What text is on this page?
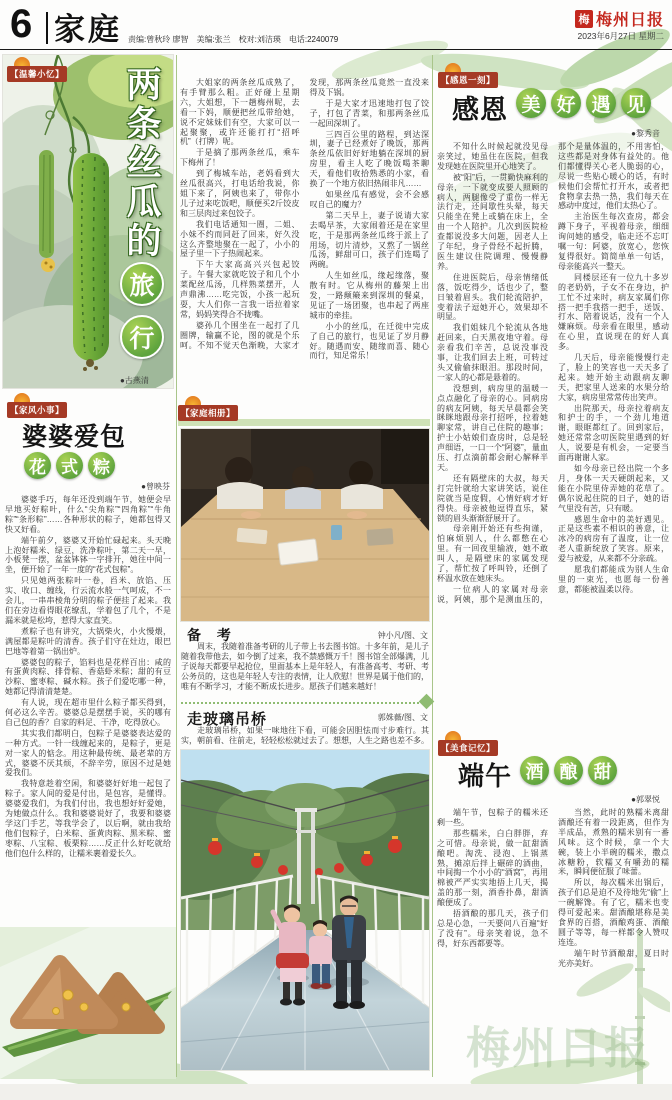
6 家庭 责编:曾秋玲 廖智　美编:张兰　校对:刘洁瑛　电话:2240079
梅 梅州日报
2023年6月27日 星期二
【温馨小忆】 两条丝瓜的
旅
行
●古燕清

大姐家的两条丝瓜成熟了，有手臂那么粗。正好碰上星期六，大姐想，下一趟梅州呢，去看一下妈，顺便把丝瓜带给她，说不定妹妹们有空，大家可以一起聚聚，或许还能打打“招呼机”（打牌）呢。

于是摘了那两条丝瓜，乘车下梅州了！

到了梅城车站，老妈看到大丝瓜很高兴，打电话给我说，你姐下来了，阿姨也来了，带你小儿子过来吃饭吧，顺便买2斤饺皮和三层肉过来包饺子。

我们电话通知一圈，二姐、小妹不约而同赶了回来，好久没这么齐整地聚在一起了，小小的屋子里一下子热闹起来。

下午大家高高兴兴包起饺子。午餐大家就吃饺子和几个小菜配丝瓜汤，几样熟菜摆开，人声鼎沸……吃完饭，小孩一起玩耍，大人们你一言我一语拉着家常，妈妈笑得合不拢嘴。

婆孙几个围坐在一起打了几圈牌，输赢不论，图的就是个乐呵。不知不觉天色渐晚，大家才发现，那两条丝瓜竟然一直没来得及下锅。

于是大家才迅速地打包了饺子，打包了青菜，和那两条丝瓜一起回深圳了。

三四百公里的路程，到达深圳，妻子已经煮好了晚饭，那两条丝瓜依旧好好地躺在深圳的厨房里，看主人吃了晚饭喝茶聊天，看他们收拾熟悉的小家，看换了一个地方依旧热闹非凡……

如果丝瓜有感觉，会不会感叹自己的魔力？

第二天早上，妻子说请大家去喝早茶，大家闹着还是在家里吃，于是那两条丝瓜终于派上了用场，切片清炒，又熬了一锅丝瓜汤，鲜甜可口，孩子们连喝了两碗。

人生如丝瓜，缘起缘落，聚散有时。它从梅州的藤架上出发，一路颠簸来到深圳的餐桌，见证了一场团聚，也串起了两座城市的牵挂。

小小的丝瓜，在迁徙中完成了自己的旅行，也见证了岁月静好。随遇而安、随缘而喜、随心而行，知足常乐！

【家风小事】
婆婆爱包
花 式 粽
●曾映芬

婆婆手巧，每年还没到端午节，她便会早早地买好粽叶，什么“尖角粽”“四角粽”“牛角粽”“条形粽”……各种形状的粽子，她都包得又快又好看。

端午前夕，婆婆又开始忙碌起来。头天晚上泡好糯米、绿豆，洗净粽叶，第二天一早，小板凳一摆，盆盆钵钵一字排开，她往中间一坐，便开始了一年一度的“花式包粽”。

只见她两张粽叶一卷，舀米、放馅、压实、收口、缠线，行云流水般一气呵成，不一会儿，一串串棱角分明的粽子便挂了起来。我们在旁边看得眼花缭乱，学着包了几个，不是漏米就是松垮，惹得大家直笑。

煮粽子也有讲究，大锅柴火，小火慢煨，满屋都是粽叶的清香。孩子们守在灶边，眼巴巴地等着第一锅出炉。

婆婆包的粽子，馅料也是花样百出：咸的有蛋黄肉粽、排骨粽、香菇虾米粽；甜的有豆沙粽、蜜枣粽、碱水粽。孩子们爱吃哪一种，她都记得清清楚楚。

有人说，现在超市里什么粽子都买得到，何必这么辛苦。婆婆总是摆摆手说，买的哪有自己包的香？自家的料足、干净，吃得放心。

其实我们都明白，包粽子是婆婆表达爱的一种方式。一针一线缠起来的，是粽子，更是对一家人的惦念。用这种最传统、最老辈的方式，婆婆不厌其烦，不辞辛劳，原因不过是她爱我们。

我特意趁着空闲，和婆婆好好地一起包了粽子。家人间的爱是付出，是包容，是懂得。婆婆爱我们，为我们付出，我也想好好爱她，为她做点什么。我和婆婆说好了，我要和婆婆学这门手艺，等我学会了，以后啊，就由我给他们包粽子，白米粽、蛋黄肉粽、黑米粽、蜜枣粽、八宝粽、板栗粽……反正什么好吃就给他们包什么样的，让糯米裹着爱长久。

【家庭相册】
备 考	钟小凡/图、文

周末，我随着准备考研的儿子带上书去图书馆。十多年前，是儿子随着我带他去，如今倒了过来，我不禁感慨万千！图书馆全部爆满，儿子说每天都要早起抢位，里面基本上是年轻人，有准备高考、考研、考公务员的，这也是年轻人专注的表情，让人欣慰！世界是属于他们的，唯有不断学习，才能不断成长进步。愿孩子们越来越好！

走玻璃吊桥	郭姝薇/图、文

走玻璃吊桥，如果一味地往下看，可能会因胆怯而寸步难行。其实，朝前看、往前走，轻轻松松就过去了。想想，人生之路也差不多。

【感恩一刻】
感恩 美 好 遇 见
●黎秀音

不知什么时候起就没见母亲笑过，她虽住在医院，但我发现她在医院里开心地笑了。

被“阳”后，一贯勤快麻利的母亲，一下就变成要人照顾的病人，两腿像受了重伤一样无法行走，还间歇性头晕，每天只能坐在凳上或躺在床上，全由一个人陪护。几次到医院检查都说没多大问题，因老人上了年纪，身子骨经不起折腾，医生建议住院调理、慢慢静养。

住进医院后，母亲情绪低落，饭吃得少，话也少了，整日皱着眉头。我们轮流陪护，变着法子逗她开心，效果却不明显。

我们姐妹几个轮流从各地赶回来，白天黑夜地守着。母亲看我们辛苦，总说没事没事，让我们回去上班，可转过头又偷偷抹眼泪。那段时间，一家人的心都是悬着的。

没想到，病房里的温暖一点点融化了母亲的心。同病房的病友阿姨，每天早晨都会笑眯眯地跟母亲打招呼，拉着她聊家常，讲自己住院的趣事；护士小姑娘们查房时，总是轻声细语，一口一个“阿婆”，量血压、打点滴前都会耐心解释半天。

还有隔壁床的大叔，每天打完针就给大家讲笑话，说住院就当是度假，心情好病才好得快。母亲被他逗得直乐，紧锁的眉头渐渐舒展开了。

母亲刚开始还有些拘谨，怕麻烦别人，什么都憋在心里。有一回夜里输液，她不敢叫人，是隔壁床的家属发现了，帮忙按了呼叫铃，还倒了杯温水放在她床头。

一位病人的家属对母亲说，阿姨，那个是测血压的，那个是量体温的，不用害怕，这些都是对身体有益处的。他们都懂得关心老人脆弱的心，尽说一些贴心暖心的话，有时候他们会帮忙打开水，或者把食物拿去热一热，我们每天在感动中度过，他们太热心了。

主治医生每次查房，都会蹲下身子，平视着母亲，细细询问她的感受，临走还不忘叮嘱一句：阿婆，放宽心，您恢复得很好。简简单单一句话，母亲能高兴一整天。

同楼层还有一位九十多岁的老奶奶，子女不在身边，护工忙不过来时，病友家属们你搭一把手我搭一把手，送饭、打水、陪着说话，没有一个人嫌麻烦。母亲看在眼里，感动在心里，直说现在的好人真多。

几天后，母亲能慢慢行走了，脸上的笑容也一天天多了起来。她开始主动跟病友聊天，把家里人送来的水果分给大家，病房里常常传出笑声。

出院那天，母亲拉着病友和护士的手，一个劲儿地道谢，眼眶都红了。回到家后，她还常常念叨医院里遇到的好人，说要是有机会，一定要当面再谢谢人家。

如今母亲已经出院一个多月，身体一天天硬朗起来，又能在小院里侍弄她的花草了。偶尔说起住院的日子，她的语气里没有苦，只有暖。

感恩生命中的美好遇见。正是这些素不相识的善意，让冰冷的病房有了温度，让一位老人重新绽放了笑容。原来，爱与被爱，从来都不分亲疏。

愿我们都能成为别人生命里的一束光，也愿每一份善意，都能被温柔以待。

【美食记忆】
端午 酒 酿 甜
●郭翠悦

端午节，包粽子的糯米还剩一些。

那些糯米，白白胖胖，弃之可惜。母亲说，做一缸甜酒酿吧。淘洗、浸泡、上锅蒸熟，摊凉后拌上碾碎的酒曲，中间掏一个小小的“酒窝”，再用棉被严严实实地捂上几天，揭盖的那一刻，酒香扑鼻，甜酒酿便成了。

捂酒酿的那几天，孩子们总是心急，一天要问八百遍“好了没有”。母亲笑着说，急不得，好东西都要等。

当然，此时的熟糯米离甜酒酿还有着一段距离，但作为半成品，煮熟的糯米别有一番风味。这个时候，拿一个大碗，装上小半碗的糯米，撒点冰糖粉，软糯又有嚼劲的糯米，瞬间便征服了味蕾。

所以，每次糯米出锅后，孩子们总是迫不及待地先“偷”上一碗解馋。有了它，糯米也变得可爱起来。甜酒酿堪称是美食界的百搭，酒酿鸡蛋、酒酿圆子等等，每一样都令人赞叹连连。

端午时节酒酿甜，夏日时光亦美好。

梅州日报
